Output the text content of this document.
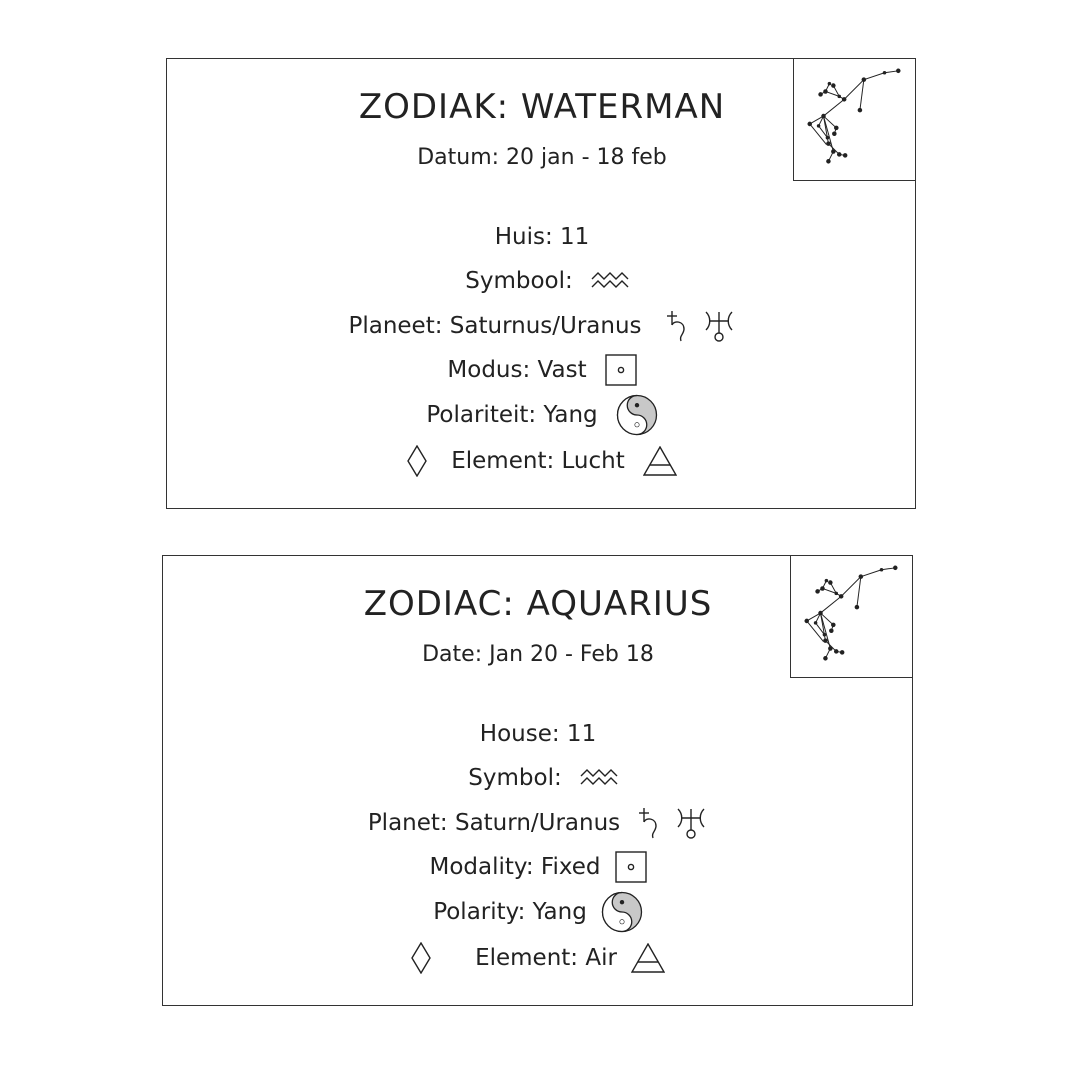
ZODIAK: WATERMAN
Datum: 20 jan - 18 feb
Huis: 11
Symbool:
Planeet: Saturnus/Uranus
Modus: Vast
Polariteit: Yang
Element: Lucht
ZODIAC: AQUARIUS
Date: Jan 20 - Feb 18
House: 11
Symbol:
Planet: Saturn/Uranus
Modality: Fixed
Polarity: Yang
Element: Air
